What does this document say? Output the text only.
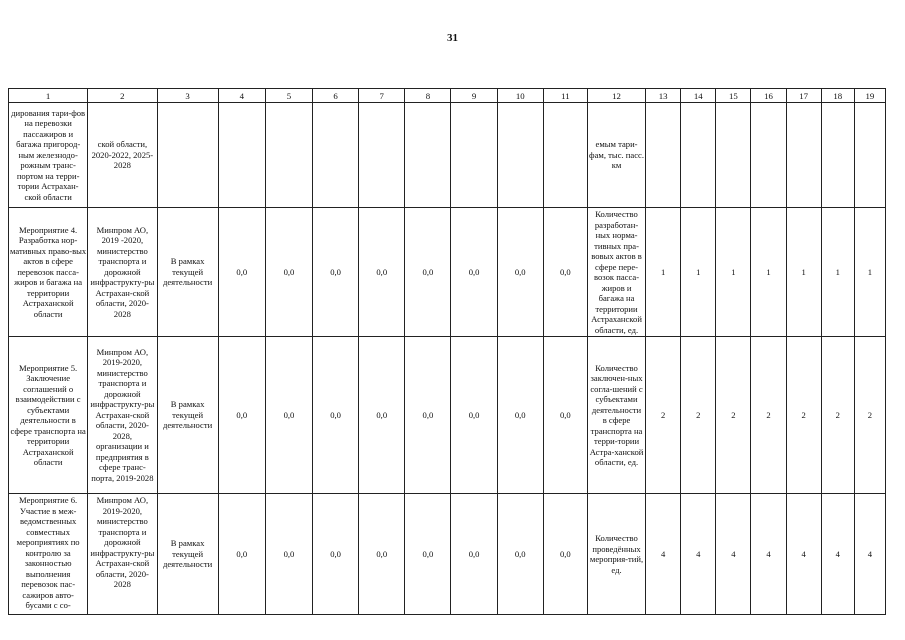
31
1	2	3	4	5	6	7	8	9	10	11	12	13	14	15	16	17	18	19
дирования тари-фов на перевозки пассажиров и багажа пригород-ным железнодо-рожным транс-портом на терри-тории Астрахан-ской области	ской области, 2020-2022, 2025-2028										емым тари-фам, тыс. пасс. км							
Мероприятие 4. Разработка нор-мативных право-вых актов в сфере перевозок пасса-жиров и багажа на территории Астраханской области	Минпром АО, 2019 -2020, министерство транспорта и дорожной инфраструкту-ры Астрахан-ской области, 2020-2028	В рамках текущей деятельности	0,0	0,0	0,0	0,0	0,0	0,0	0,0	0,0	Количество разработан-ных норма-тивных пра-вовых актов в сфере пере-возок пасса-жиров и багажа на территории Астраханской области, ед.	1	1	1	1	1	1	1
Мероприятие 5. Заключение соглашений о взаимодействии с субъектами деятельности в сфере транспорта на территории Астраханской области	Минпром АО, 2019-2020, министерство транспорта и дорожной инфраструкту-ры Астрахан-ской области, 2020-2028, организации и предприятия в сфере транс-порта, 2019-2028	В рамках текущей деятельности	0,0	0,0	0,0	0,0	0,0	0,0	0,0	0,0	Количество заключен-ных согла-шений с субъектами деятельности в сфере транспорта на терри-тории Астра-ханской области, ед.	2	2	2	2	2	2	2
Мероприятие 6. Участие в меж-ведомственных совместных мероприятиях по контролю за законностью выполнения перевозок пас-сажиров авто-бусами с со-	Минпром АО, 2019-2020, министерство транспорта и дорожной инфраструкту-ры Астрахан-ской области, 2020-2028	В рамках текущей деятельности	0,0	0,0	0,0	0,0	0,0	0,0	0,0	0,0	Количество проведённых мероприя-тий, ед.	4	4	4	4	4	4	4
